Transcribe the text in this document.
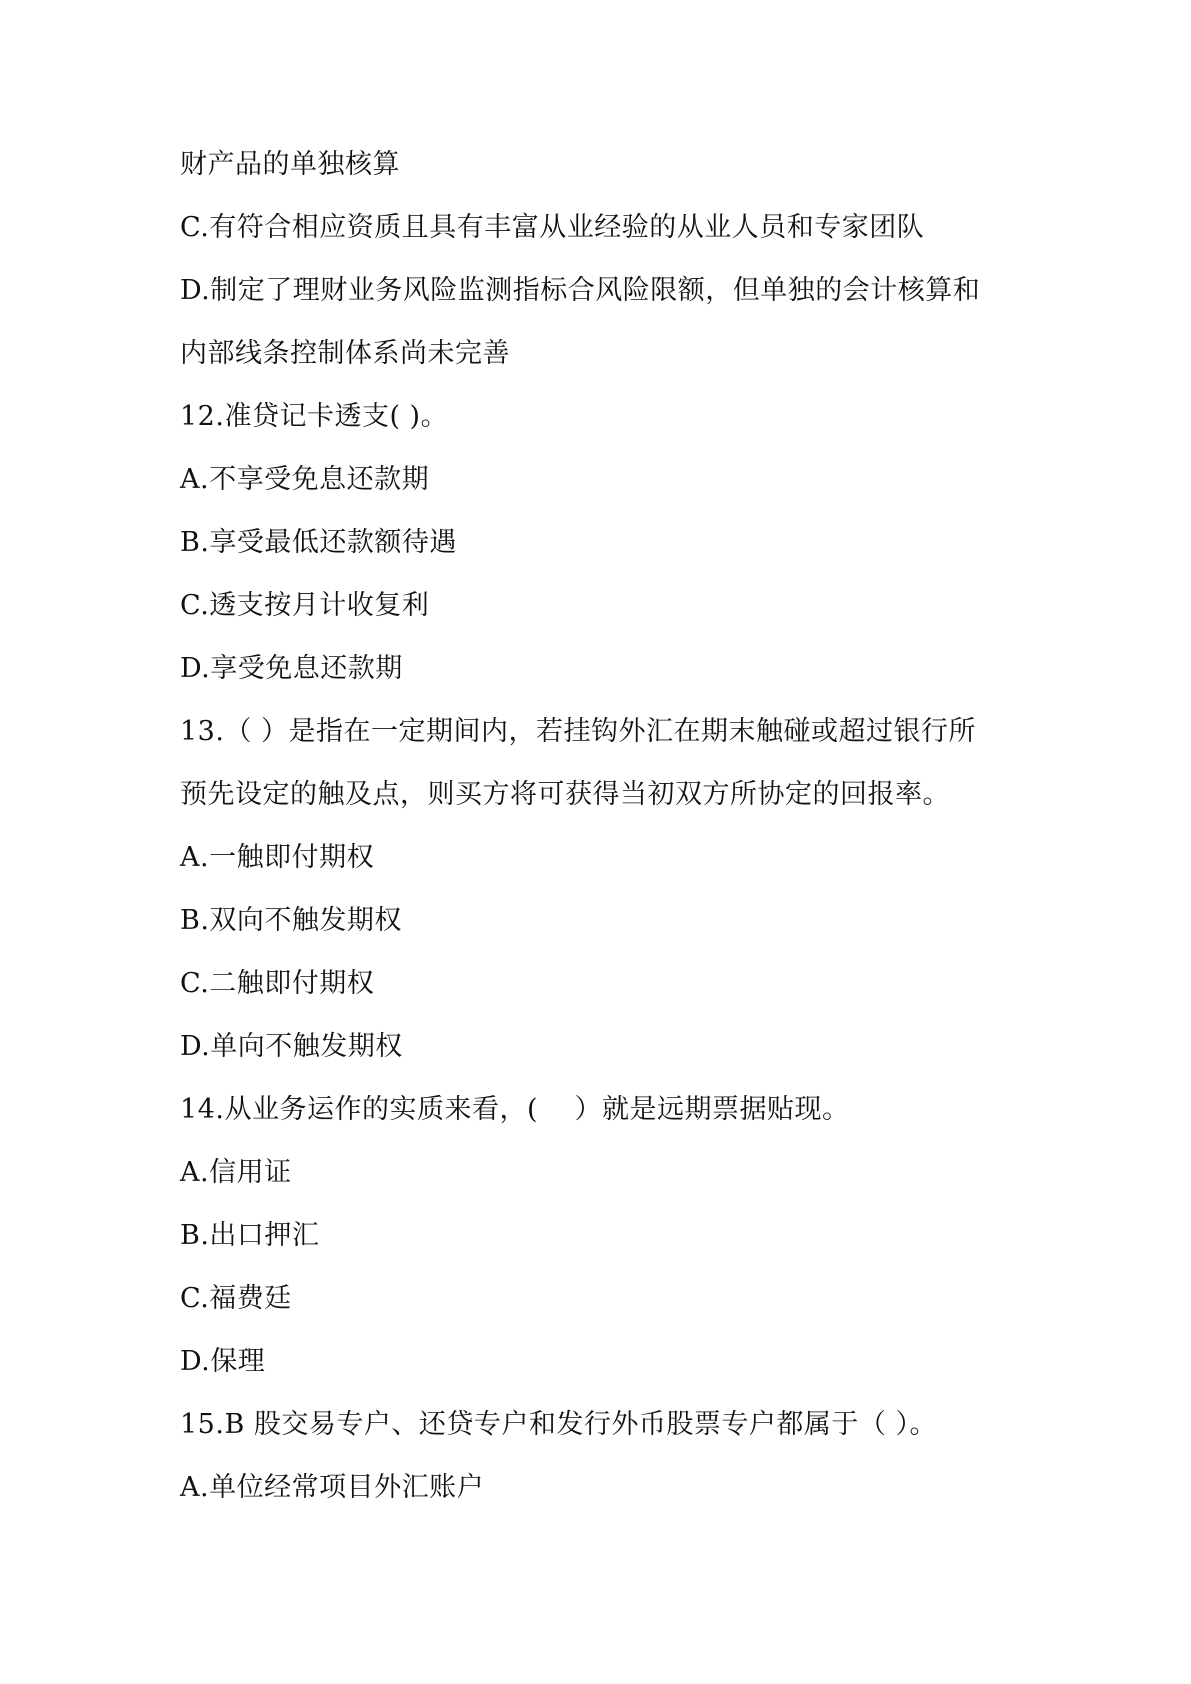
财产品的单独核算
C.有符合相应资质且具有丰富从业经验的从业人员和专家团队
D.制定了理财业务风险监测指标合风险限额，但单独的会计核算和
内部线条控制体系尚未完善
12.准贷记卡透支( )。
A.不享受免息还款期
B.享受最低还款额待遇
C.透支按月计收复利
D.享受免息还款期
13.（ ）是指在一定期间内，若挂钩外汇在期末触碰或超过银行所
预先设定的触及点，则买方将可获得当初双方所协定的回报率。
A.一触即付期权
B.双向不触发期权
C.二触即付期权
D.单向不触发期权
14.从业务运作的实质来看，(　 ）就是远期票据贴现。
A.信用证
B.出口押汇
C.福费廷
D.保理
15.B 股交易专户、还贷专户和发行外币股票专户都属于（ ）。
A.单位经常项目外汇账户
